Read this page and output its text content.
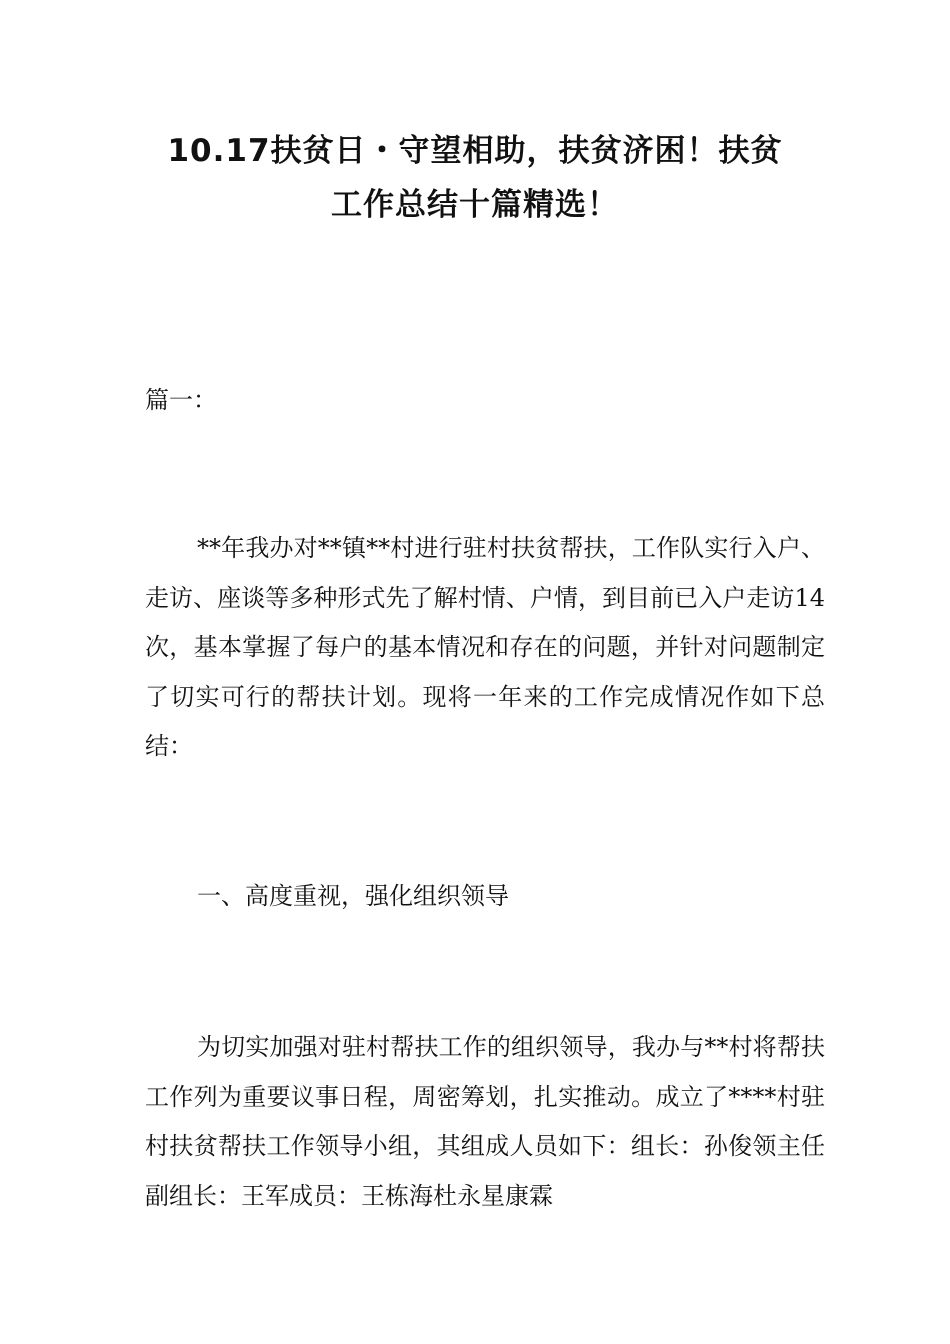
10.17扶贫日・守望相助，扶贫济困！扶贫
工作总结十篇精选！

篇一：

**年我办对**镇**村进行驻村扶贫帮扶，工作队实行入户、走访、座谈等多种形式先了解村情、户情，到目前已入户走访14次，基本掌握了每户的基本情况和存在的问题，并针对问题制定了切实可行的帮扶计划。现将一年来的工作完成情况作如下总结：

一、高度重视，强化组织领导

为切实加强对驻村帮扶工作的组织领导，我办与**村将帮扶工作列为重要议事日程，周密筹划，扎实推动。成立了****村驻村扶贫帮扶工作领导小组，其组成人员如下：组长：孙俊领主任副组长：王军成员：王栋海杜永星康霖
